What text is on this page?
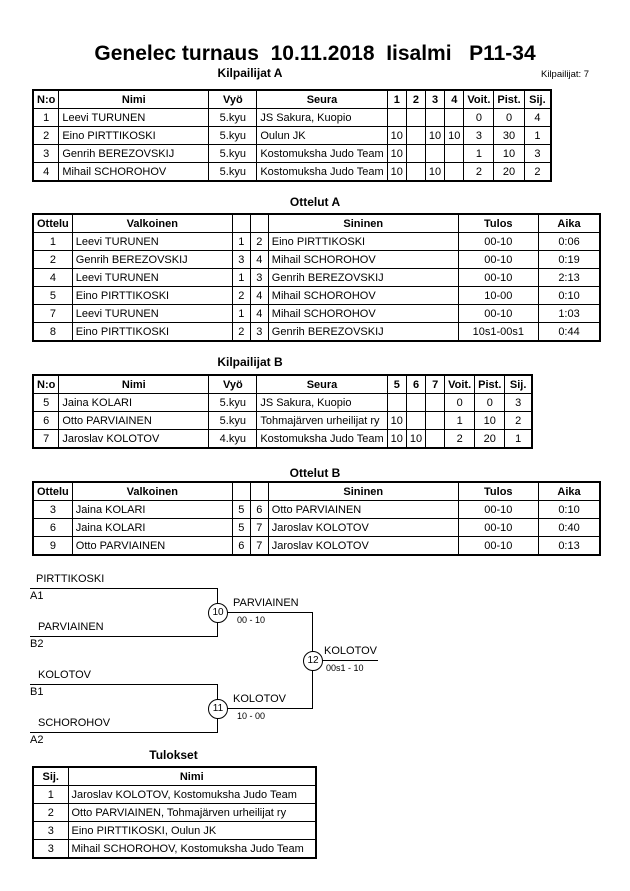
Genelec turnaus  10.11.2018  Iisalmi   P11-34
Kilpailijat A	Kilpailijat: 7
N:o	Nimi	Vyö	Seura	1	2	3	4	Voit.	Pist.	Sij.
1	Leevi TURUNEN	5.kyu	JS Sakura, Kuopio					0	0	4
2	Eino PIRTTIKOSKI	5.kyu	Oulun JK	10		10	10	3	30	1
3	Genrih BEREZOVSKIJ	5.kyu	Kostomuksha Judo Team	10				1	10	3
4	Mihail SCHOROHOV	5.kyu	Kostomuksha Judo Team	10		10		2	20	2
Ottelut A
Ottelu	Valkoinen			Sininen	Tulos	Aika
1	Leevi TURUNEN	1	2	Eino PIRTTIKOSKI	00-10	0:06
2	Genrih BEREZOVSKIJ	3	4	Mihail SCHOROHOV	00-10	0:19
4	Leevi TURUNEN	1	3	Genrih BEREZOVSKIJ	00-10	2:13
5	Eino PIRTTIKOSKI	2	4	Mihail SCHOROHOV	10-00	0:10
7	Leevi TURUNEN	1	4	Mihail SCHOROHOV	00-10	1:03
8	Eino PIRTTIKOSKI	2	3	Genrih BEREZOVSKIJ	10s1-00s1	0:44
Kilpailijat B
N:o	Nimi	Vyö	Seura	5	6	7	Voit.	Pist.	Sij.
5	Jaina KOLARI	5.kyu	JS Sakura, Kuopio				0	0	3
6	Otto PARVIAINEN	5.kyu	Tohmajärven urheilijat ry	10			1	10	2
7	Jaroslav KOLOTOV	4.kyu	Kostomuksha Judo Team	10	10		2	20	1
Ottelut B
Ottelu	Valkoinen			Sininen	Tulos	Aika
3	Jaina KOLARI	5	6	Otto PARVIAINEN	00-10	0:10
6	Jaina KOLARI	5	7	Jaroslav KOLOTOV	00-10	0:40
9	Otto PARVIAINEN	6	7	Jaroslav KOLOTOV	00-10	0:13
PIRTTIKOSKI
A1
PARVIAINEN
B2
10
PARVIAINEN
00 - 10
KOLOTOV
B1
SCHOROHOV
A2
11
KOLOTOV
10 - 00
12
KOLOTOV
00s1 - 10
Tulokset
Sij.	Nimi
1	Jaroslav KOLOTOV, Kostomuksha Judo Team
2	Otto PARVIAINEN, Tohmajärven urheilijat ry
3	Eino PIRTTIKOSKI, Oulun JK
3	Mihail SCHOROHOV, Kostomuksha Judo Team
